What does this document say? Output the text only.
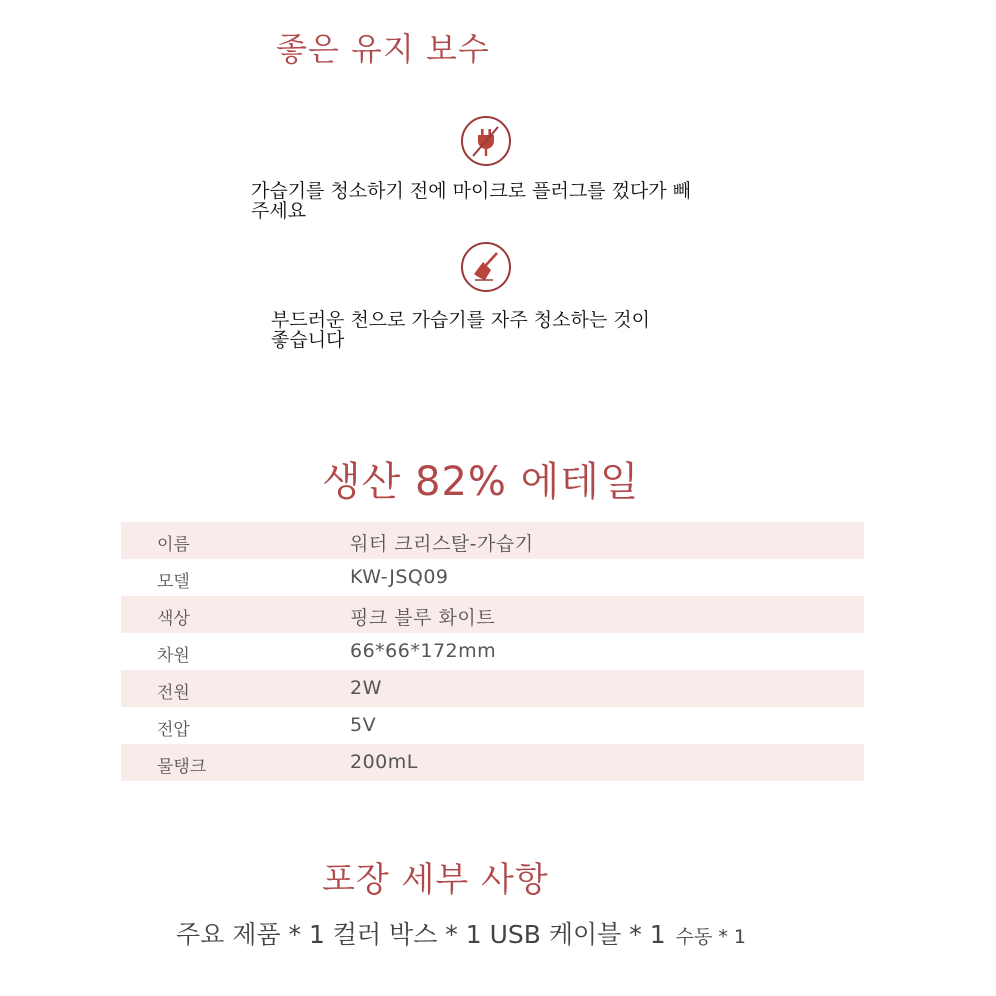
좋은 유지 보수
가습기를 청소하기 전에 마이크로 플러그를 껐다가 빼
주세요
부드러운 천으로 가습기를 자주 청소하는 것이
좋습니다
생산 82% 에테일
이름	워터 크리스탈-가습기
모델	KW-JSQ09
색상	핑크 블루 화이트
차원	66*66*172mm
전원	2W
전압	5V
물탱크	200mL
포장 세부 사항
주요 제품 * 1 컬러 박스 * 1 USB 케이블 * 1 수동 * 1
